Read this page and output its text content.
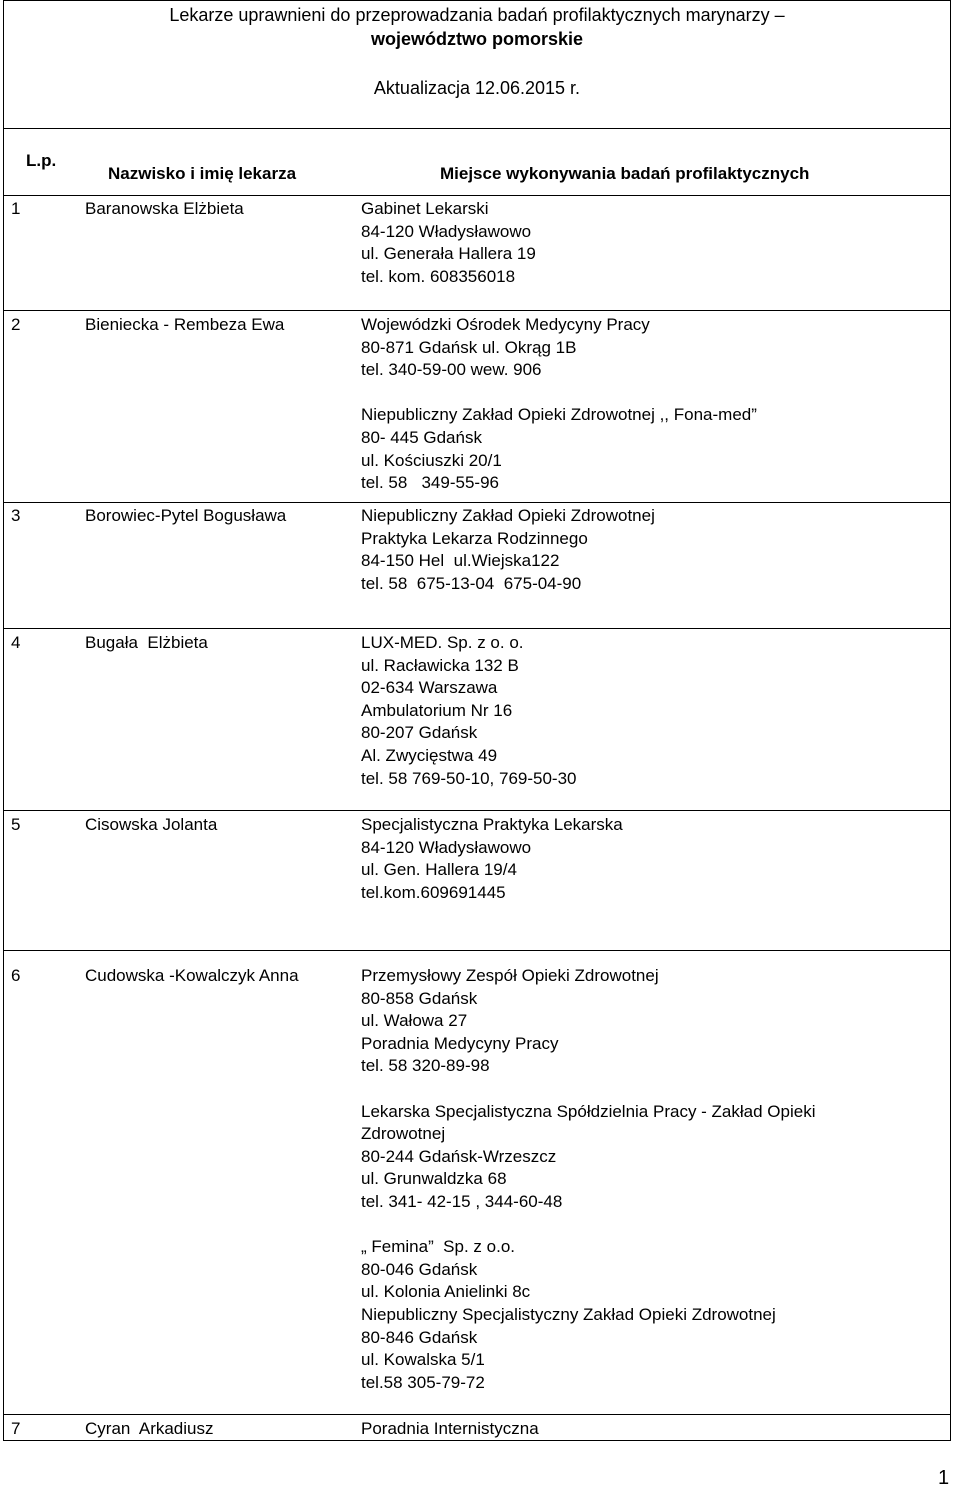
Lekarze uprawnieni do przeprowadzania badań profilaktycznych marynarzy –
województwo pomorskie
Aktualizacja 12.06.2015 r.
L.p.
Nazwisko i imię lekarza	Miejsce wykonywania badań profilaktycznych
1	Baranowska Elżbieta	Gabinet Lekarski
84-120 Władysławowo
ul. Generała Hallera 19
tel. kom. 608356018
2	Bieniecka - Rembeza Ewa	Wojewódzki Ośrodek Medycyny Pracy
80-871 Gdańsk ul. Okrąg 1B
tel. 340-59-00 wew. 906
Niepubliczny Zakład Opieki Zdrowotnej ,, Fona-med”
80- 445 Gdańsk
ul. Kościuszki 20/1
tel. 58   349-55-96
3	Borowiec-Pytel Bogusława	Niepubliczny Zakład Opieki Zdrowotnej
Praktyka Lekarza Rodzinnego
84-150 Hel  ul.Wiejska122
tel. 58  675-13-04  675-04-90
4	Bugała  Elżbieta	LUX-MED. Sp. z o. o.
ul. Racławicka 132 B
02-634 Warszawa
Ambulatorium Nr 16
80-207 Gdańsk
Al. Zwycięstwa 49
tel. 58 769-50-10, 769-50-30
5	Cisowska Jolanta	Specjalistyczna Praktyka Lekarska
84-120 Władysławowo
ul. Gen. Hallera 19/4
tel.kom.609691445
6	Cudowska -Kowalczyk Anna	Przemysłowy Zespół Opieki Zdrowotnej
80-858 Gdańsk
ul. Wałowa 27
Poradnia Medycyny Pracy
tel. 58 320-89-98
Lekarska Specjalistyczna Spółdzielnia Pracy - Zakład Opieki
Zdrowotnej
80-244 Gdańsk-Wrzeszcz
ul. Grunwaldzka 68
tel. 341- 42-15 , 344-60-48
„ Femina”  Sp. z o.o.
80-046 Gdańsk
ul. Kolonia Anielinki 8c
Niepubliczny Specjalistyczny Zakład Opieki Zdrowotnej
80-846 Gdańsk
ul. Kowalska 5/1
tel.58 305-79-72
7	Cyran  Arkadiusz	Poradnia Internistyczna
1
